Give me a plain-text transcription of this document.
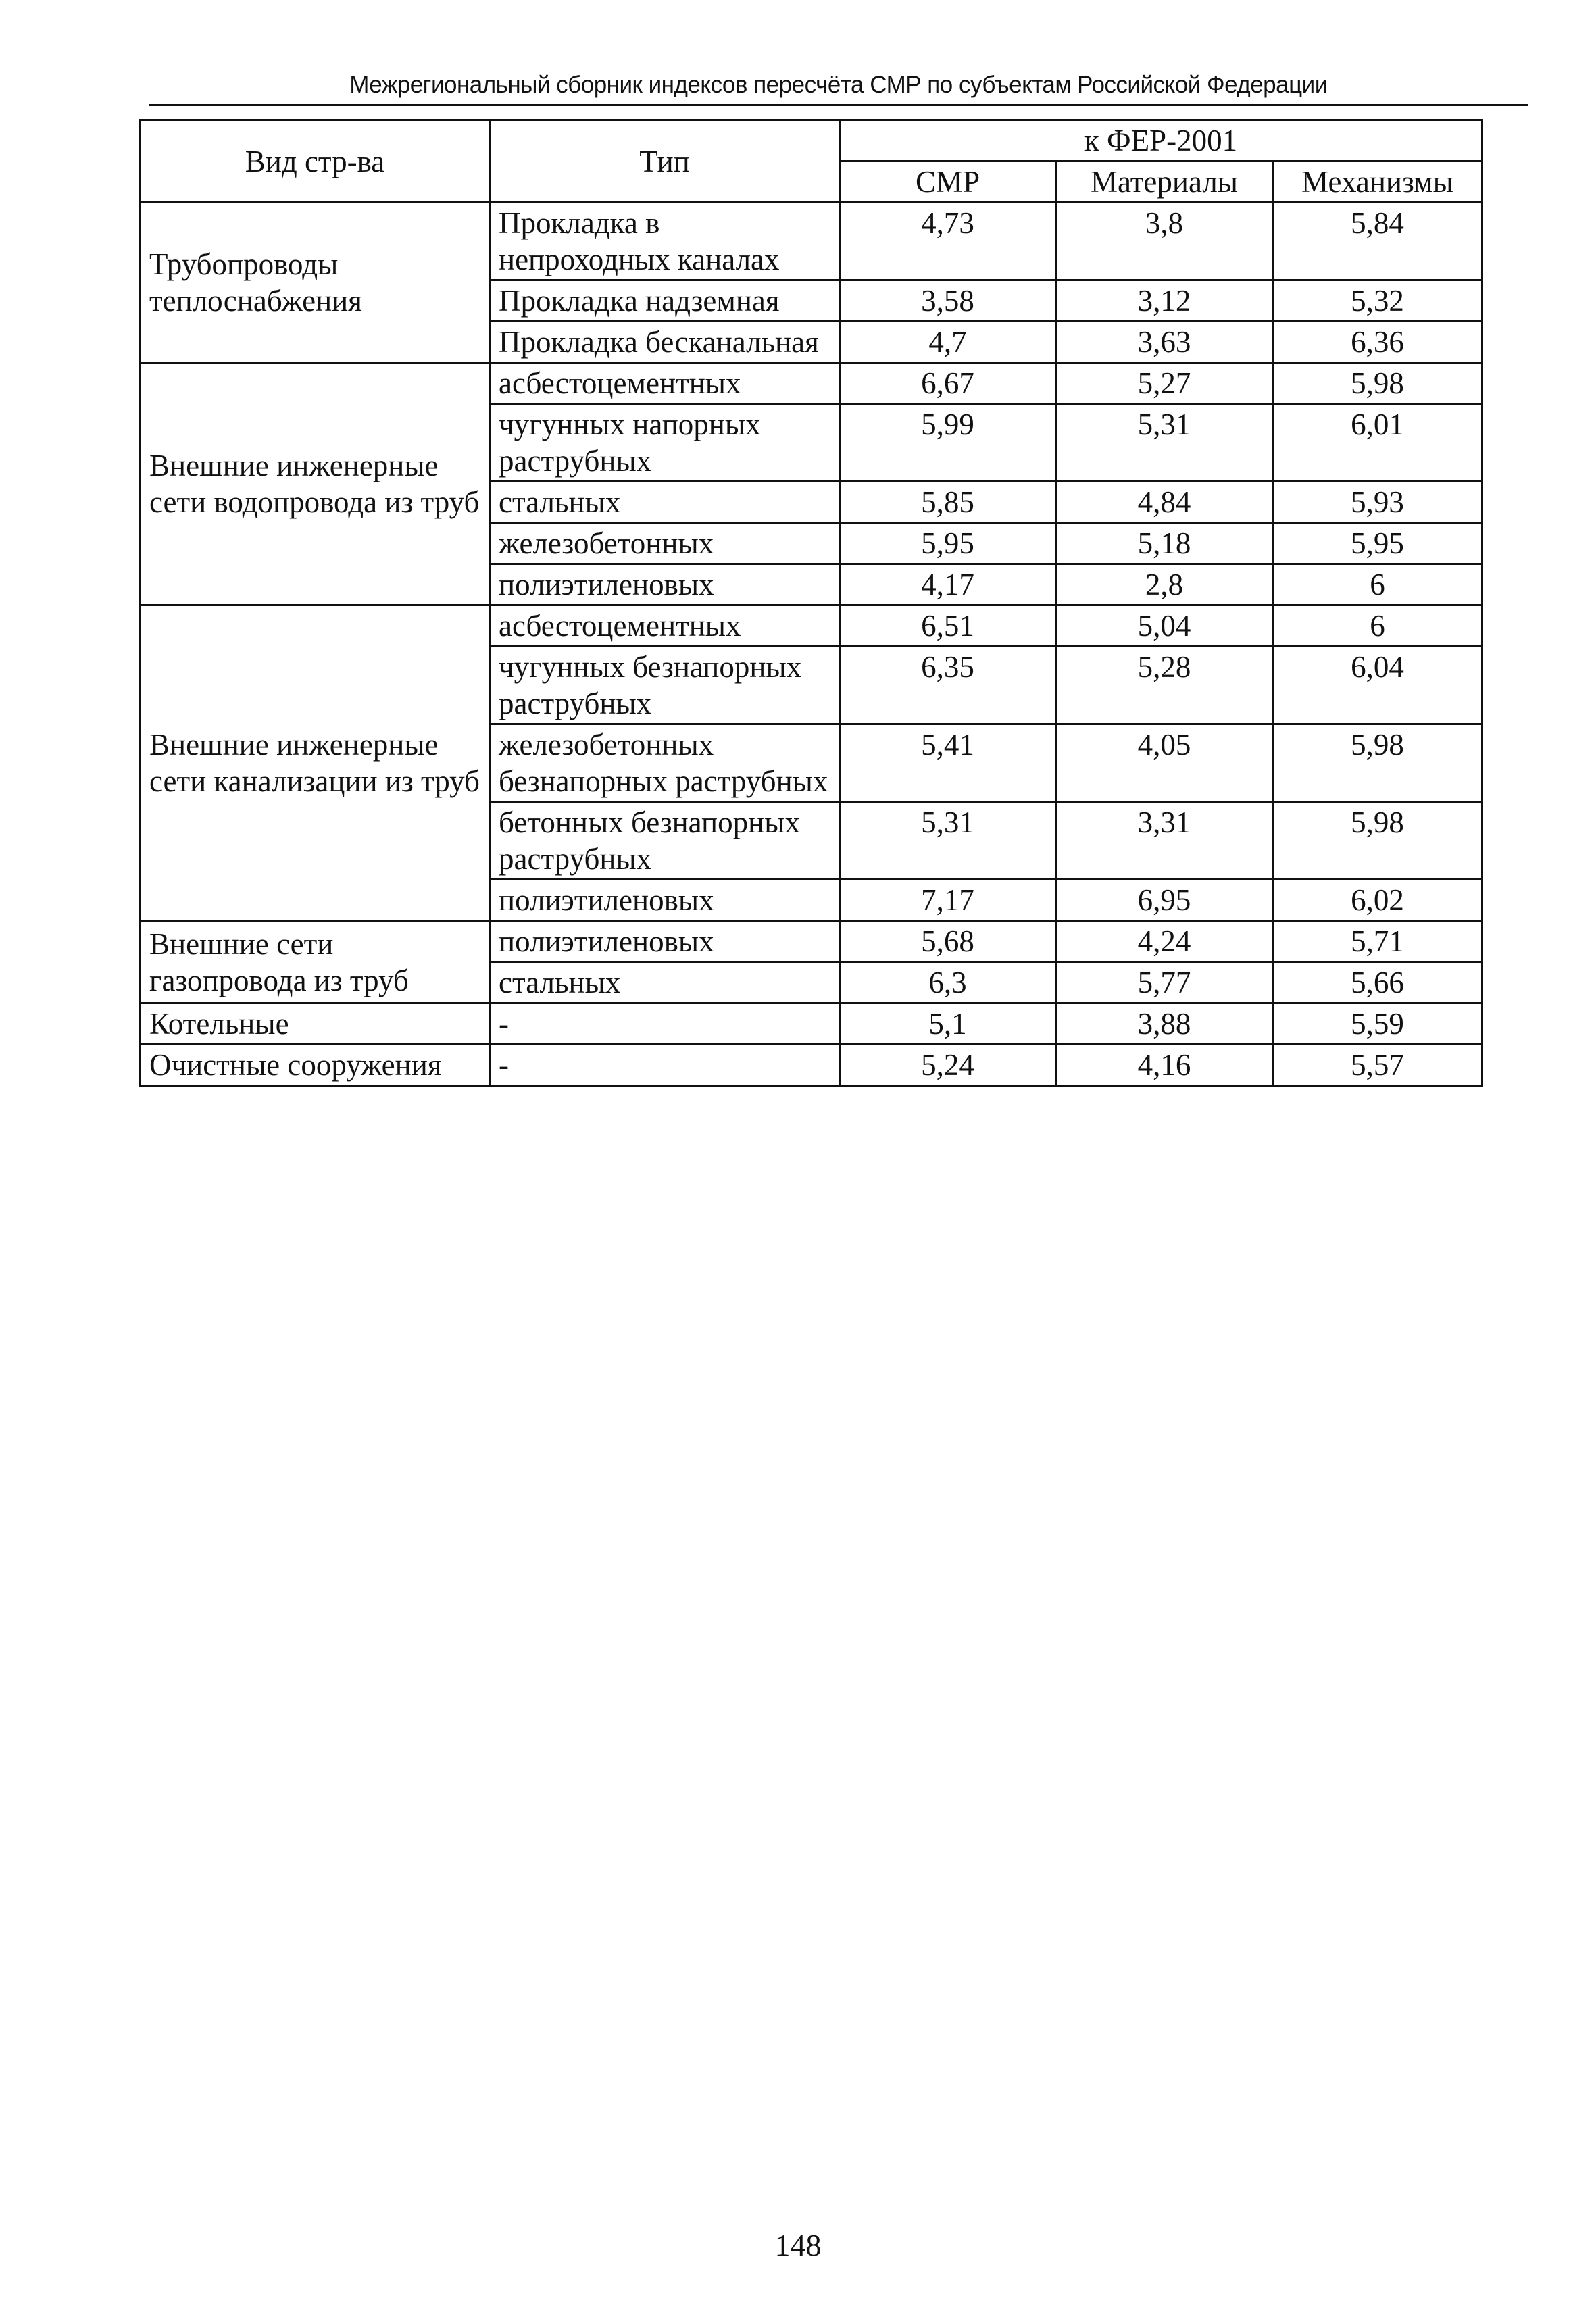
Межрегиональный сборник индексов пересчёта СМР по субъектам Российской Федерации
Вид стр-ва	Тип	к ФЕР-2001		
		СМР	Материалы	Механизмы
Трубопроводы теплоснабжения	Прокладка в непроходных каналах	4,73	3,8	5,84
	Прокладка надземная	3,58	3,12	5,32
	Прокладка бесканальная	4,7	3,63	6,36
Внешние инженерные сети водопровода из труб	асбестоцементных	6,67	5,27	5,98
	чугунных напорных раструбных	5,99	5,31	6,01
	стальных	5,85	4,84	5,93
	железобетонных	5,95	5,18	5,95
	полиэтиленовых	4,17	2,8	6
Внешние инженерные сети канализации из труб	асбестоцементных	6,51	5,04	6
	чугунных безнапорных раструбных	6,35	5,28	6,04
	железобетонных безнапорных раструбных	5,41	4,05	5,98
	бетонных безнапорных раструбных	5,31	3,31	5,98
	полиэтиленовых	7,17	6,95	6,02
Внешние сети газопровода из труб	полиэтиленовых	5,68	4,24	5,71
	стальных	6,3	5,77	5,66
Котельные	-	5,1	3,88	5,59
Очистные сооружения	-	5,24	4,16	5,57
148
